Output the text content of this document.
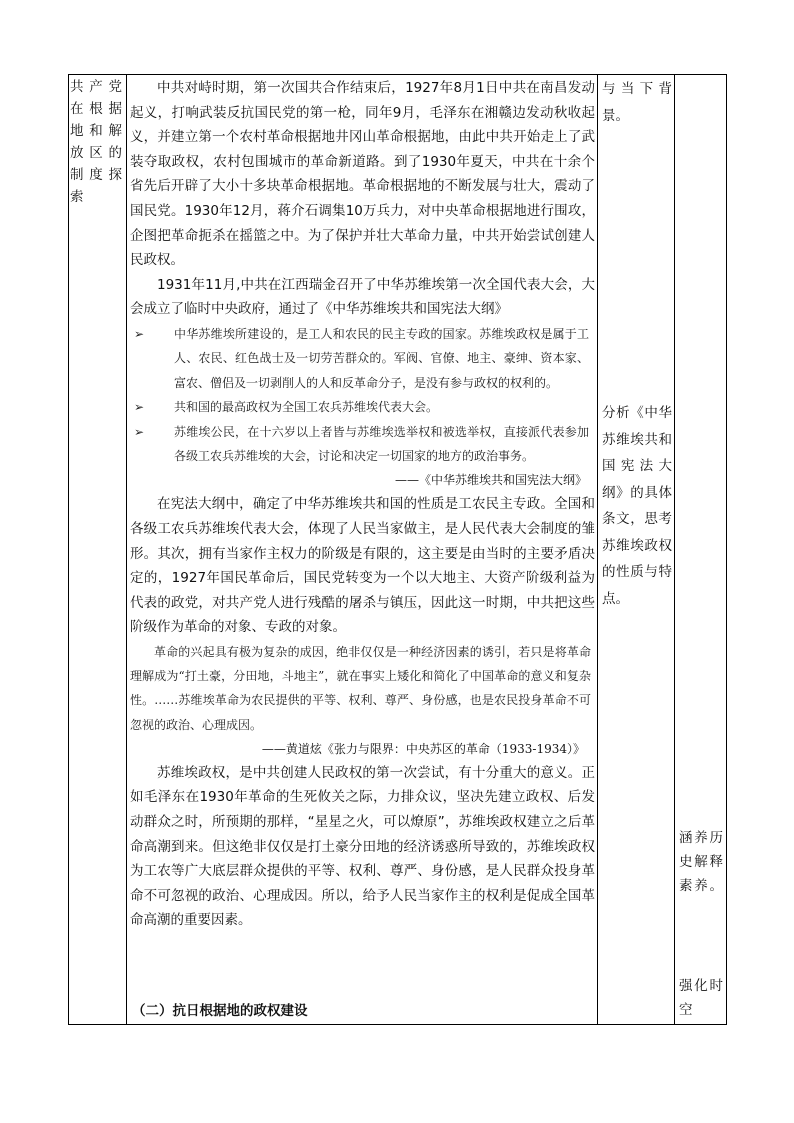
共产党在根据地和解放区的制度探索

中共对峙时期，第一次国共合作结束后，1927年8月1日中共在南昌发动起义，打响武装反抗国民党的第一枪，同年9月，毛泽东在湘赣边发动秋收起义，并建立第一个农村革命根据地井冈山革命根据地，由此中共开始走上了武装夺取政权，农村包围城市的革命新道路。到了1930年夏天，中共在十余个省先后开辟了大小十多块革命根据地。革命根据地的不断发展与壮大，震动了国民党。1930年12月，蒋介石调集10万兵力，对中央革命根据地进行围攻，企图把革命扼杀在摇篮之中。为了保护并壮大革命力量，中共开始尝试创建人民政权。

1931年11月,中共在江西瑞金召开了中华苏维埃第一次全国代表大会，大会成立了临时中央政府，通过了《中华苏维埃共和国宪法大纲》

➢ 中华苏维埃所建设的，是工人和农民的民主专政的国家。苏维埃政权是属于工人、农民、红色战士及一切劳苦群众的。军阀、官僚、地主、豪绅、资本家、富农、僧侣及一切剥削人的人和反革命分子，是没有参与政权的权利的。
➢ 共和国的最高政权为全国工农兵苏维埃代表大会。
➢ 苏维埃公民，在十六岁以上者皆与苏维埃选举权和被选举权，直接派代表参加各级工农兵苏维埃的大会，讨论和决定一切国家的地方的政治事务。
——《中华苏维埃共和国宪法大纲》

在宪法大纲中，确定了中华苏维埃共和国的性质是工农民主专政。全国和各级工农兵苏维埃代表大会，体现了人民当家做主，是人民代表大会制度的雏形。其次，拥有当家作主权力的阶级是有限的，这主要是由当时的主要矛盾决定的，1927年国民革命后，国民党转变为一个以大地主、大资产阶级利益为代表的政党，对共产党人进行残酷的屠杀与镇压，因此这一时期，中共把这些阶级作为革命的对象、专政的对象。

革命的兴起具有极为复杂的成因，绝非仅仅是一种经济因素的诱引，若只是将革命理解成为“打土豪，分田地，斗地主”，就在事实上矮化和简化了中国革命的意义和复杂性。……苏维埃革命为农民提供的平等、权利、尊严、身份感，也是农民投身革命不可忽视的政治、心理成因。
——黄道炫《张力与限界：中央苏区的革命（1933-1934）》

苏维埃政权，是中共创建人民政权的第一次尝试，有十分重大的意义。正如毛泽东在1930年革命的生死攸关之际，力排众议，坚决先建立政权、后发动群众之时，所预期的那样，“星星之火，可以燎原”，苏维埃政权建立之后革命高潮到来。但这绝非仅仅是打土豪分田地的经济诱惑所导致的，苏维埃政权为工农等广大底层群众提供的平等、权利、尊严、身份感，是人民群众投身革命不可忽视的政治、心理成因。所以，给予人民当家作主的权利是促成全国革命高潮的重要因素。

（二）抗日根据地的政权建设
与当下背景。
分析《中华苏维埃共和国宪法大纲》的具体条文，思考苏维埃政权的性质与特点。
涵养历史解释素养。
强化时空
